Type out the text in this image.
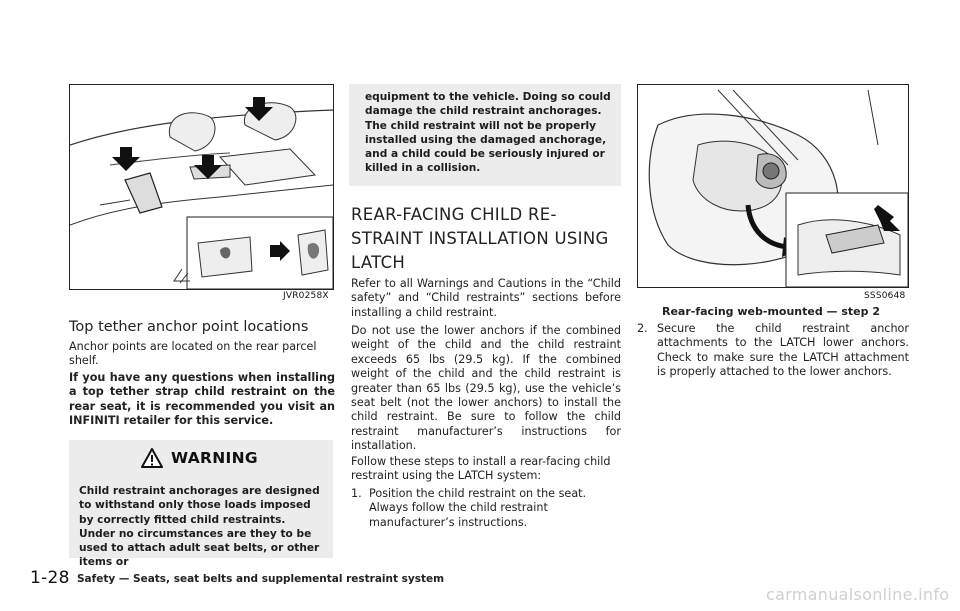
JVR0258X
Top tether anchor point locations
Anchor points are located on the rear parcel shelf.
If you have any questions when installing a top tether strap child restraint on the rear seat, it is recommended you visit an INFINITI retailer for this service.
WARNING
Child restraint anchorages are designed to withstand only those loads imposed by correctly fitted child restraints. Under no circumstances are they to be used to attach adult seat belts, or other items or
equipment to the vehicle. Doing so could damage the child restraint anchorages. The child restraint will not be properly installed using the damaged anchorage, and a child could be seriously injured or killed in a collision.
REAR-FACING CHILD RE-
STRAINT INSTALLATION USING
LATCH
Refer to all Warnings and Cautions in the “Child safety” and “Child restraints” sections before installing a child restraint.
Do not use the lower anchors if the combined weight of the child and the child restraint exceeds 65 lbs (29.5 kg). If the combined weight of the child and the child restraint is greater than 65 lbs (29.5 kg), use the vehicle’s seat belt (not the lower anchors) to install the child restraint. Be sure to follow the child restraint manufacturer’s instructions for installation.
Follow these steps to install a rear-facing child restraint using the LATCH system:
1. Position the child restraint on the seat. Always follow the child restraint manufacturer’s instructions.
SSS0648
Rear-facing web-mounted — step 2
2. Secure the child restraint anchor attachments to the LATCH lower anchors. Check to make sure the LATCH attachment is properly attached to the lower anchors.
1-28 Safety — Seats, seat belts and supplemental restraint system
carmanualsonline.info
